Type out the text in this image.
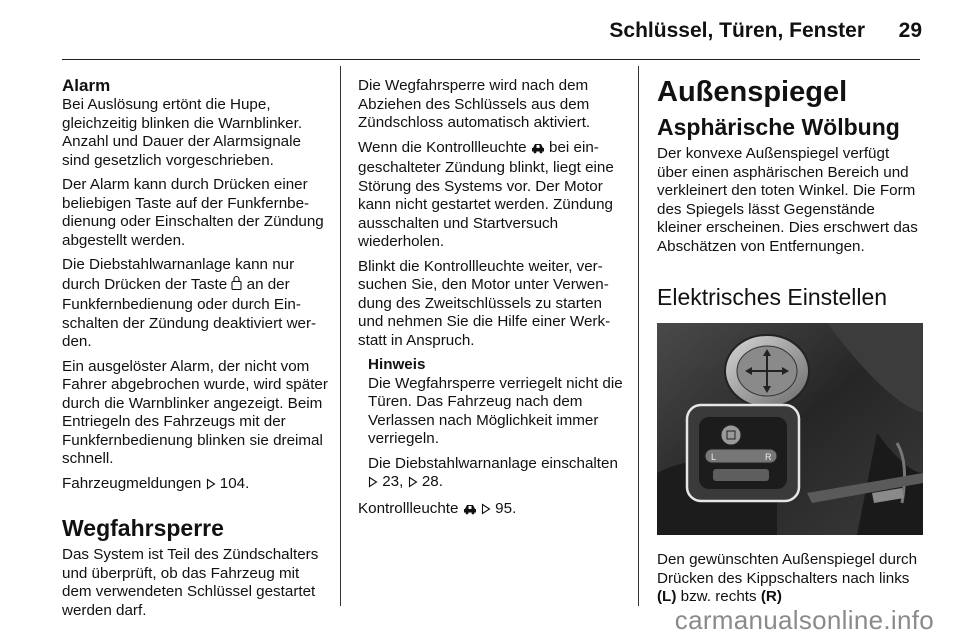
Schlüssel, Türen, Fenster 29
Alarm

Bei Auslösung ertönt die Hupe, gleichzeitig blinken die Warnblinker. Anzahl und Dauer der Alarmsignale sind gesetzlich vorgeschrieben.

Der Alarm kann durch Drücken einer beliebigen Taste auf der Funkfernbedienung oder Einschalten der Zündung abgestellt werden.

Die Diebstahlwarnanlage kann nur durch Drücken der Taste  an der Funkfernbedienung oder durch Einschalten der Zündung deaktiviert werden.

Ein ausgelöster Alarm, der nicht vom Fahrer abgebrochen wurde, wird später durch die Warnblinker angezeigt. Beim Entriegeln des Fahrzeugs mit der Funkfernbedienung blinken sie dreimal schnell.

Fahrzeugmeldungen  104.

Wegfahrsperre

Das System ist Teil des Zündschalters und überprüft, ob das Fahrzeug mit dem verwendeten Schlüssel gestartet werden darf.

Die Wegfahrsperre wird nach dem Abziehen des Schlüssels aus dem Zündschloss automatisch aktiviert.

Wenn die Kontrollleuchte  bei eingeschalteter Zündung blinkt, liegt eine Störung des Systems vor. Der Motor kann nicht gestartet werden. Zündung ausschalten und Startversuch wiederholen.

Blinkt die Kontrollleuchte weiter, versuchen Sie, den Motor unter Verwendung des Zweitschlüssels zu starten und nehmen Sie die Hilfe einer Werkstatt in Anspruch.

Hinweis

Die Wegfahrsperre verriegelt nicht die Türen. Das Fahrzeug nach dem Verlassen nach Möglichkeit immer verriegeln.

Die Diebstahlwarnanlage einschalten  23,  28.

Kontrollleuchte   95.

Außenspiegel
Asphärische Wölbung

Der konvexe Außenspiegel verfügt über einen asphärischen Bereich und verkleinert den toten Winkel. Die Form des Spiegels lässt Gegenstände kleiner erscheinen. Dies erschwert das Abschätzen von Entfernungen.

Elektrisches Einstellen
L	R

Den gewünschten Außenspiegel durch Drücken des Kippschalters nach links (L) bzw. rechts (R)

carmanualsonline.info
